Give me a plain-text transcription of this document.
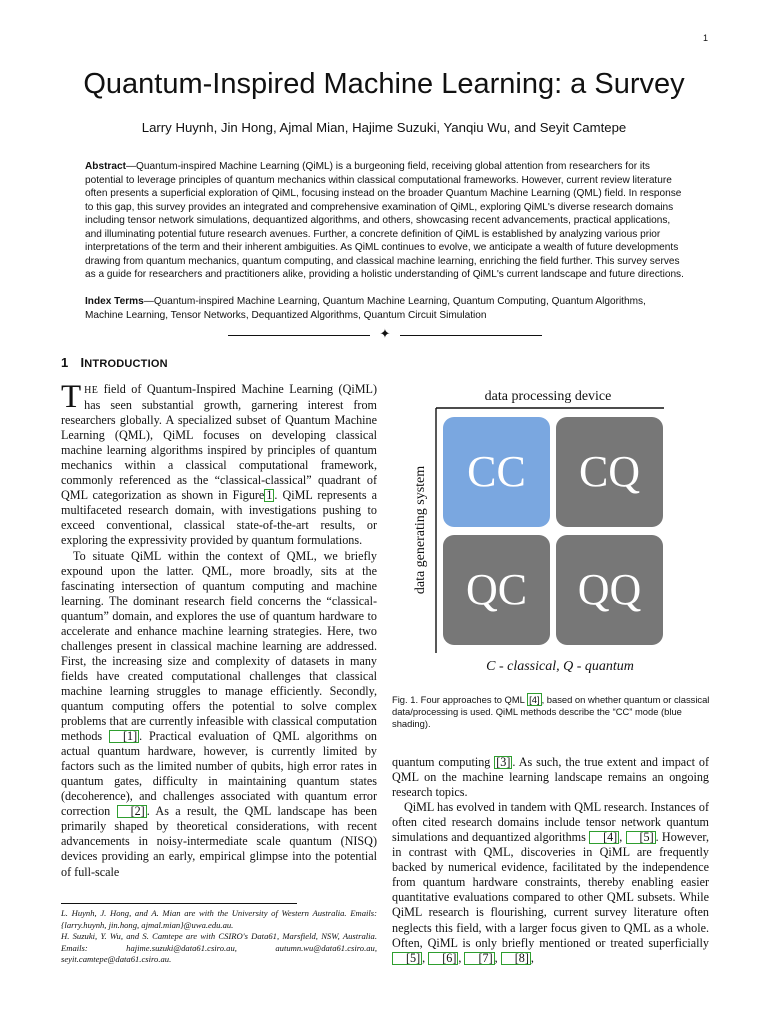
1
Quantum-Inspired Machine Learning: a Survey
Larry Huynh, Jin Hong, Ajmal Mian, Hajime Suzuki, Yanqiu Wu, and Seyit Camtepe

Abstract—Quantum-inspired Machine Learning (QiML) is a burgeoning field, receiving global attention from researchers for its potential to leverage principles of quantum mechanics within classical computational frameworks. However, current review literature often presents a superficial exploration of QiML, focusing instead on the broader Quantum Machine Learning (QML) field. In response to this gap, this survey provides an integrated and comprehensive examination of QiML, exploring QiML's diverse research domains including tensor network simulations, dequantized algorithms, and others, showcasing recent advancements, practical applications, and illuminating potential future research avenues. Further, a concrete definition of QiML is established by analyzing various prior interpretations of the term and their inherent ambiguities. As QiML continues to evolve, we anticipate a wealth of future developments drawing from quantum mechanics, quantum computing, and classical machine learning, enriching the field further. This survey serves as a guide for researchers and practitioners alike, providing a holistic understanding of QiML's current landscape and future directions.

Index Terms—Quantum-inspired Machine Learning, Quantum Machine Learning, Quantum Computing, Quantum Algorithms, Machine Learning, Tensor Networks, Dequantized Algorithms, Quantum Circuit Simulation

✦
1 INTRODUCTION

THE field of Quantum-Inspired Machine Learning (QiML) has seen substantial growth, garnering interest from researchers globally. A specialized subset of Quantum Machine Learning (QML), QiML focuses on developing classical machine learning algorithms inspired by principles of quantum mechanics within a classical computational framework, commonly referenced as the “classical-classical” quadrant of QML categorization as shown in Figure 1 . QiML represents a multifaceted research domain, with investigations pushing to exceed conventional, classical state-of-the-art results, or exploring the expressivity provided by quantum formulations.

To situate QiML within the context of QML, we briefly expound upon the latter. QML, more broadly, sits at the fascinating intersection of quantum computing and machine learning. The dominant research field concerns the “classical-quantum” domain, and explores the use of quantum hardware to accelerate and enhance machine learning strategies. Here, two challenges present in classical machine learning are addressed. First, the increasing size and complexity of datasets in many fields have created computational challenges that classical machine learning struggles to manage efficiently. Secondly, quantum computing offers the potential to solve complex problems that are currently infeasible with classical computation methods [1] . Practical evaluation of QML algorithms on actual quantum hardware, however, is currently limited by factors such as the limited number of qubits, high error rates in quantum gates, difficulty in maintaining quantum states (decoherence), and challenges associated with quantum error correction [2] . As a result, the QML landscape has been primarily shaped by theoretical considerations, with recent advancements in noisy-intermediate scale quantum (NISQ) devices providing an early, empirical glimpse into the potential of full-scale

L. Huynh, J. Hong, and A. Mian are with the University of Western Australia. Emails: {larry.huynh, jin.hong, ajmal.mian}@uwa.edu.au.
H. Suzuki, Y. Wu, and S. Camtepe are with CSIRO's Data61, Marsfield, NSW, Australia. Emails: hajime.suzuki@data61.csiro.au, autumn.wu@data61.csiro.au, seyit.camtepe@data61.csiro.au.

data processing device
data generating system CC CQ
QC QQ
C - classical, Q - quantum

Fig. 1. Four approaches to QML [4] , based on whether quantum or classical data/processing is used. QiML methods describe the “CC” mode (blue shading).

quantum computing [3] . As such, the true extent and impact of QML on the machine learning landscape remains an ongoing research topics.

QiML has evolved in tandem with QML research. Instances of often cited research domains include tensor network quantum simulations and dequantized algorithms [4] , [5] . However, in contrast with QML, discoveries in QiML are frequently backed by numerical evidence, facilitated by the independence from quantum hardware constraints, thereby enabling easier quantitative evaluations compared to other QML subsets. While QiML research is flourishing, current survey literature often neglects this field, with a larger focus given to QML as a whole. Often, QiML is only briefly mentioned or treated superficially [5] , [6] , [7] , [8] ,
